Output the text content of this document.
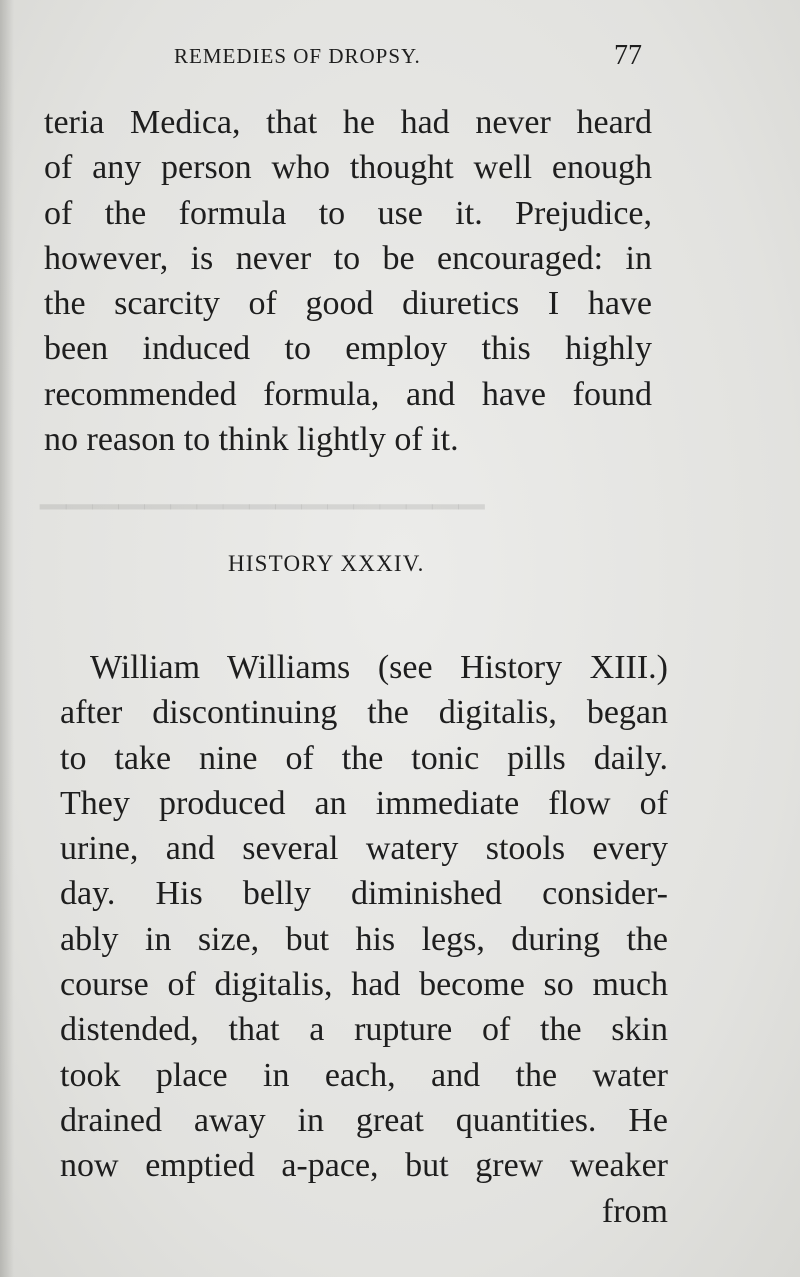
▁▁▁▁▁▁▁▁▁▁▁▁▁▁▁▁▁
REMEDIES OF DROPSY.	77
teria Medica, that he had never heard
of any person who thought well enough
of the formula to use it. Prejudice,
however, is never to be encouraged: in
the scarcity of good diuretics I have
been induced to employ this highly
recommended formula, and have found
no reason to think lightly of it.
HISTORY XXXIV.
William Williams (see History XIII.)
after discontinuing the digitalis, began
to take nine of the tonic pills daily.
They produced an immediate flow of
urine, and several watery stools every
day. His belly diminished consider-
ably in size, but his legs, during the
course of digitalis, had become so much
distended, that a rupture of the skin
took place in each, and the water
drained away in great quantities. He
now emptied a-pace, but grew weaker
from
